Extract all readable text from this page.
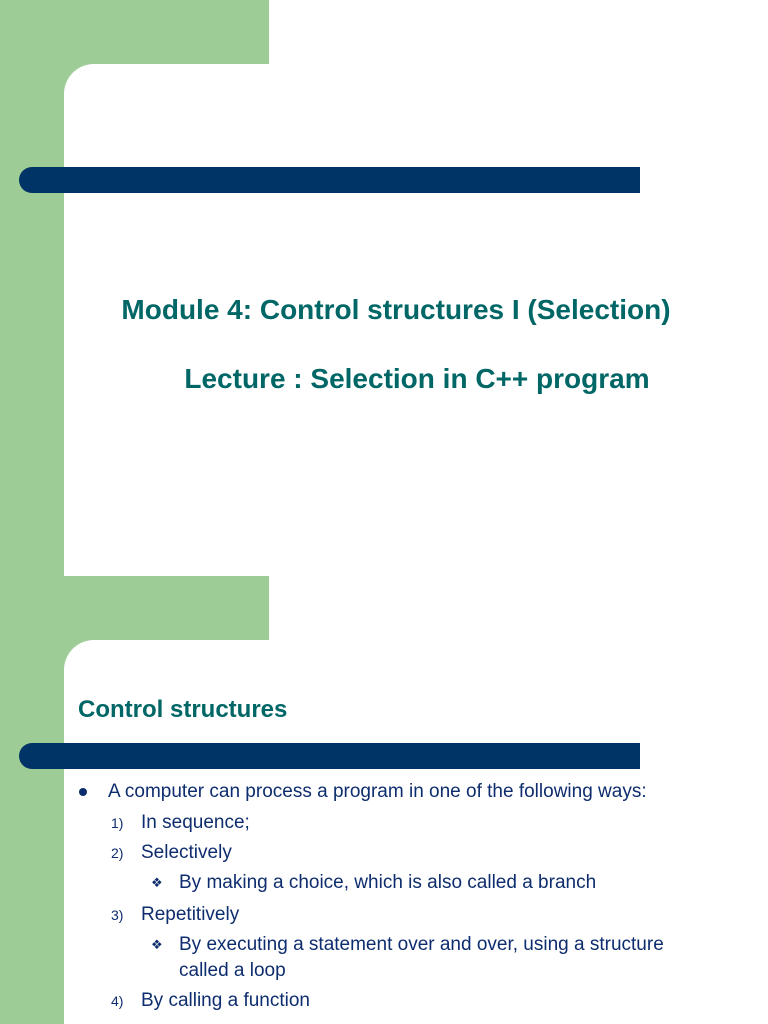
Module 4: Control structures I (Selection)
Lecture : Selection in C++ program
Control structures
A computer can process a program in one of the following ways:
1) In sequence;
2) Selectively
❖ By making a choice, which is also called a branch
3) Repetitively
❖ By executing a statement over and over, using a structure
called a loop
4) By calling a function
